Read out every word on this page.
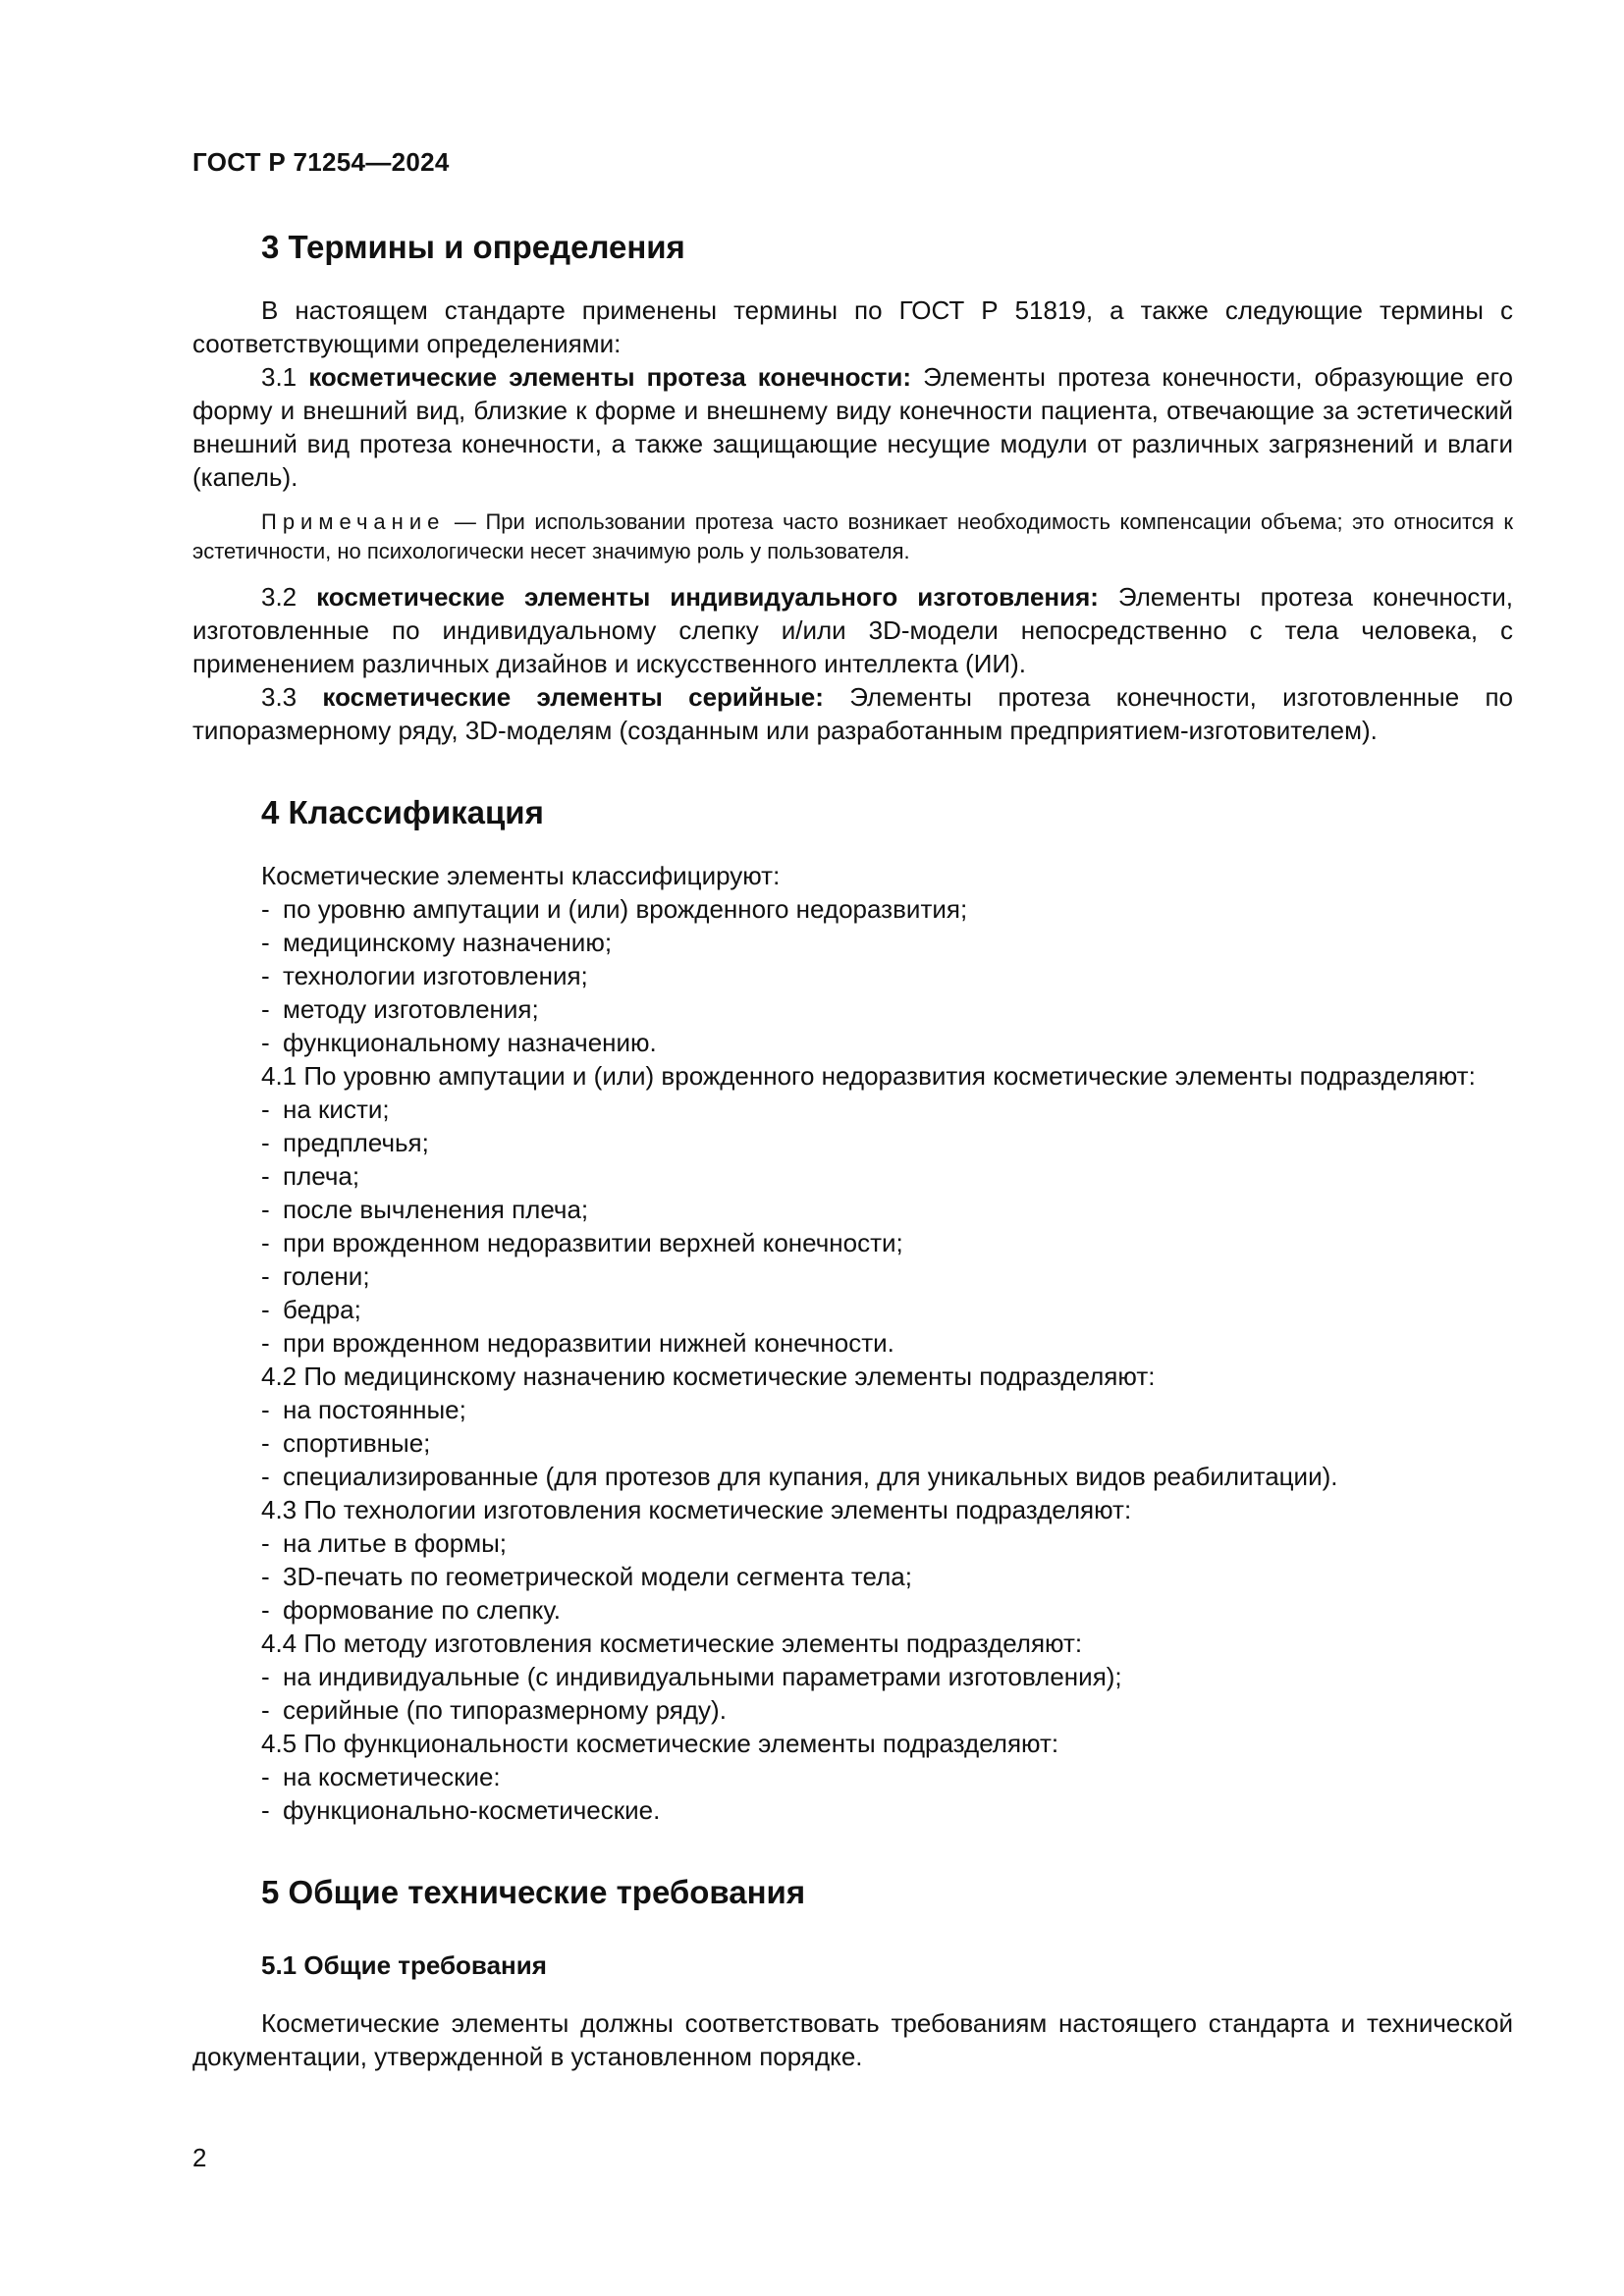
ГОСТ Р 71254—2024
3 Термины и определения

В настоящем стандарте применены термины по ГОСТ Р 51819, а также следующие термины с соответствующими определениями:

3.1 косметические элементы протеза конечности: Элементы протеза конечности, образующие его форму и внешний вид, близкие к форме и внешнему виду конечности пациента, отвечающие за эстетический внешний вид протеза конечности, а также защищающие несущие модули от различных загрязнений и влаги (капель).

Примечание — При использовании протеза часто возникает необходимость компенсации объема; это относится к эстетичности, но психологически несет значимую роль у пользователя.

3.2 косметические элементы индивидуального изготовления: Элементы протеза конечности, изготовленные по индивидуальному слепку и/или 3D-модели непосредственно с тела человека, с применением различных дизайнов и искусственного интеллекта (ИИ).

3.3 косметические элементы серийные: Элементы протеза конечности, изготовленные по типоразмерному ряду, 3D-моделям (созданным или разработанным предприятием-изготовителем).

4 Классификация

Косметические элементы классифицируют:

- по уровню ампутации и (или) врожденного недоразвития;
- медицинскому назначению;
- технологии изготовления;
- методу изготовления;
- функциональному назначению.

4.1 По уровню ампутации и (или) врожденного недоразвития косметические элементы подразделяют:

- на кисти;
- предплечья;
- плеча;
- после вычленения плеча;
- при врожденном недоразвитии верхней конечности;
- голени;
- бедра;
- при врожденном недоразвитии нижней конечности.

4.2 По медицинскому назначению косметические элементы подразделяют:

- на постоянные;
- спортивные;
- специализированные (для протезов для купания, для уникальных видов реабилитации).

4.3 По технологии изготовления косметические элементы подразделяют:

- на литье в формы;
- 3D-печать по геометрической модели сегмента тела;
- формование по слепку.

4.4 По методу изготовления косметические элементы подразделяют:

- на индивидуальные (с индивидуальными параметрами изготовления);
- серийные (по типоразмерному ряду).

4.5 По функциональности косметические элементы подразделяют:

- на косметические:
- функционально-косметические.
5 Общие технические требования
5.1 Общие требования

Косметические элементы должны соответствовать требованиям настоящего стандарта и технической документации, утвержденной в установленном порядке.

2
